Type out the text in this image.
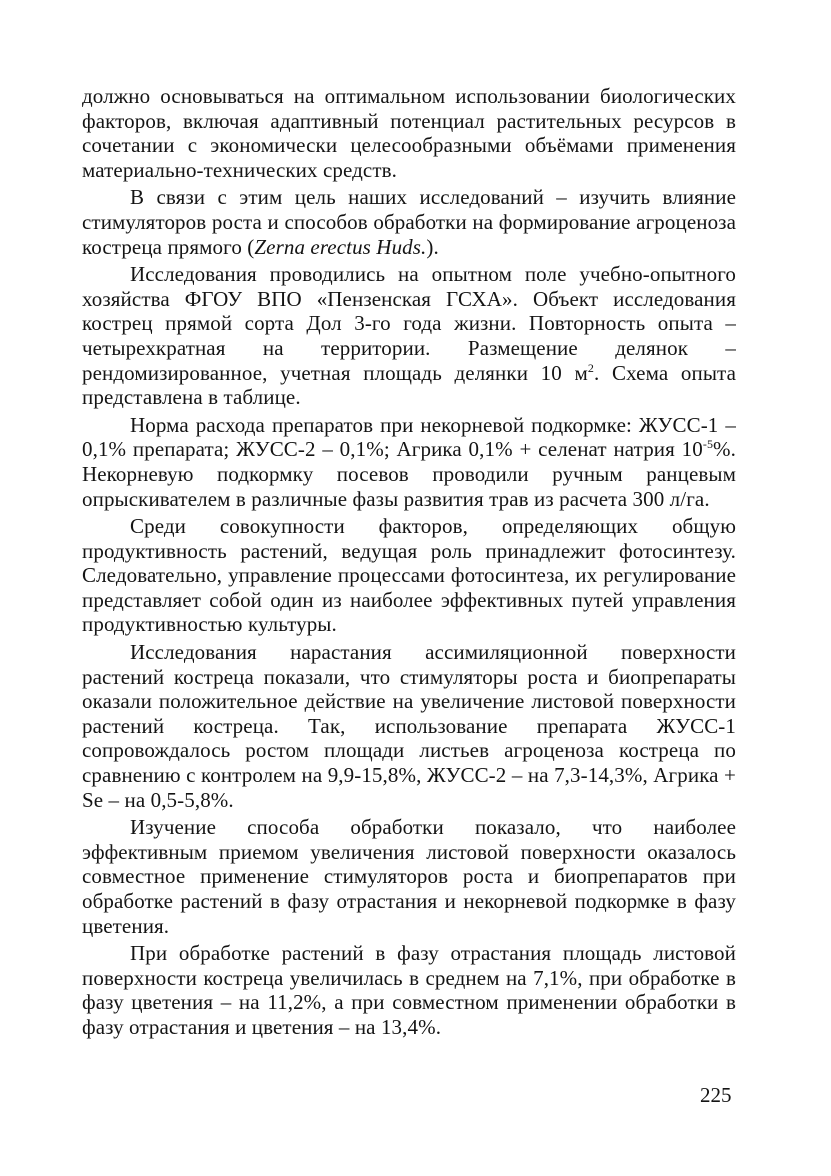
должно основываться на оптимальном использовании биологических факторов, включая адаптивный потенциал растительных ресурсов в сочетании с экономически целесообразными объёмами применения материально-технических средств.

В связи с этим цель наших исследований – изучить влияние стимуляторов роста и способов обработки на формирование агроценоза костреца прямого (Zerna erectus Huds.).

Исследования проводились на опытном поле учебно-опытного хозяйства ФГОУ ВПО «Пензенская ГСХА». Объект исследования кострец прямой сорта Дол 3-го года жизни. Повторность опыта – четырехкратная на территории. Размещение делянок – рендомизированное, учетная площадь делянки 10 $м^2$. Схема опыта представлена в таблице.

Норма расхода препаратов при некорневой подкормке: ЖУСС-1 – 0,1% препарата; ЖУСС-2 – 0,1%; Агрика 0,1% + селенат натрия $10^{-5}\%$. Некорневую подкормку посевов проводили ручным ранцевым опрыскивателем в различные фазы развития трав из расчета 300 л/га.

Среди совокупности факторов, определяющих общую продуктивность растений, ведущая роль принадлежит фотосинтезу. Следовательно, управление процессами фотосинтеза, их регулирование представляет собой один из наиболее эффективных путей управления продуктивностью культуры.

Исследования нарастания ассимиляционной поверхности растений костреца показали, что стимуляторы роста и биопрепараты оказали положительное действие на увеличение листовой поверхности растений костреца. Так, использование препарата ЖУСС-1 сопровождалось ростом площади листьев агроценоза костреца по сравнению с контролем на 9,9-15,8%, ЖУСС-2 – на 7,3-14,3%, Агрика + Se – на 0,5-5,8%.

Изучение способа обработки показало, что наиболее эффективным приемом увеличения листовой поверхности оказалось совместное применение стимуляторов роста и биопрепаратов при обработке растений в фазу отрастания и некорневой подкормке в фазу цветения.

При обработке растений в фазу отрастания площадь листовой поверхности костреца увеличилась в среднем на 7,1%, при обработке в фазу цветения – на 11,2%, а при совместном применении обработки в фазу отрастания и цветения – на 13,4%.

225
